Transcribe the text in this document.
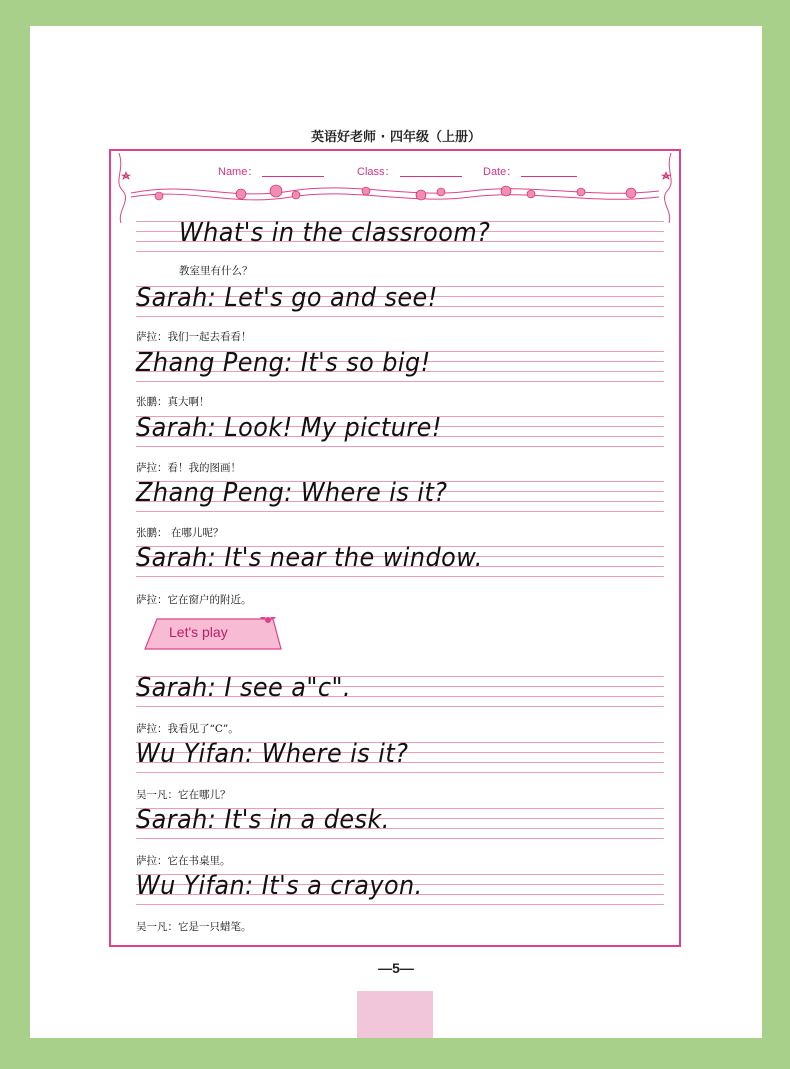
英语好老师 · 四年级（上册）
Name：	Class：	Date：
What's in the classroom?
教室里有什么？
Sarah: Let's go and see!
萨拉：我们一起去看看！
Zhang Peng: It's so big!
张鹏：真大啊！
Sarah: Look! My picture!
萨拉：看！我的图画！
Zhang Peng: Where is it?
张鹏： 在哪儿呢？
Sarah: It's near the window.
萨拉：它在窗户的附近。
Let's play
Sarah: I see a"c".
萨拉：我看见了“C”。
Wu Yifan: Where is it?
吴一凡：它在哪儿？
Sarah: It's in a desk.
萨拉：它在书桌里。
Wu Yifan: It's a crayon.
吴一凡：它是一只蜡笔。
—5—
